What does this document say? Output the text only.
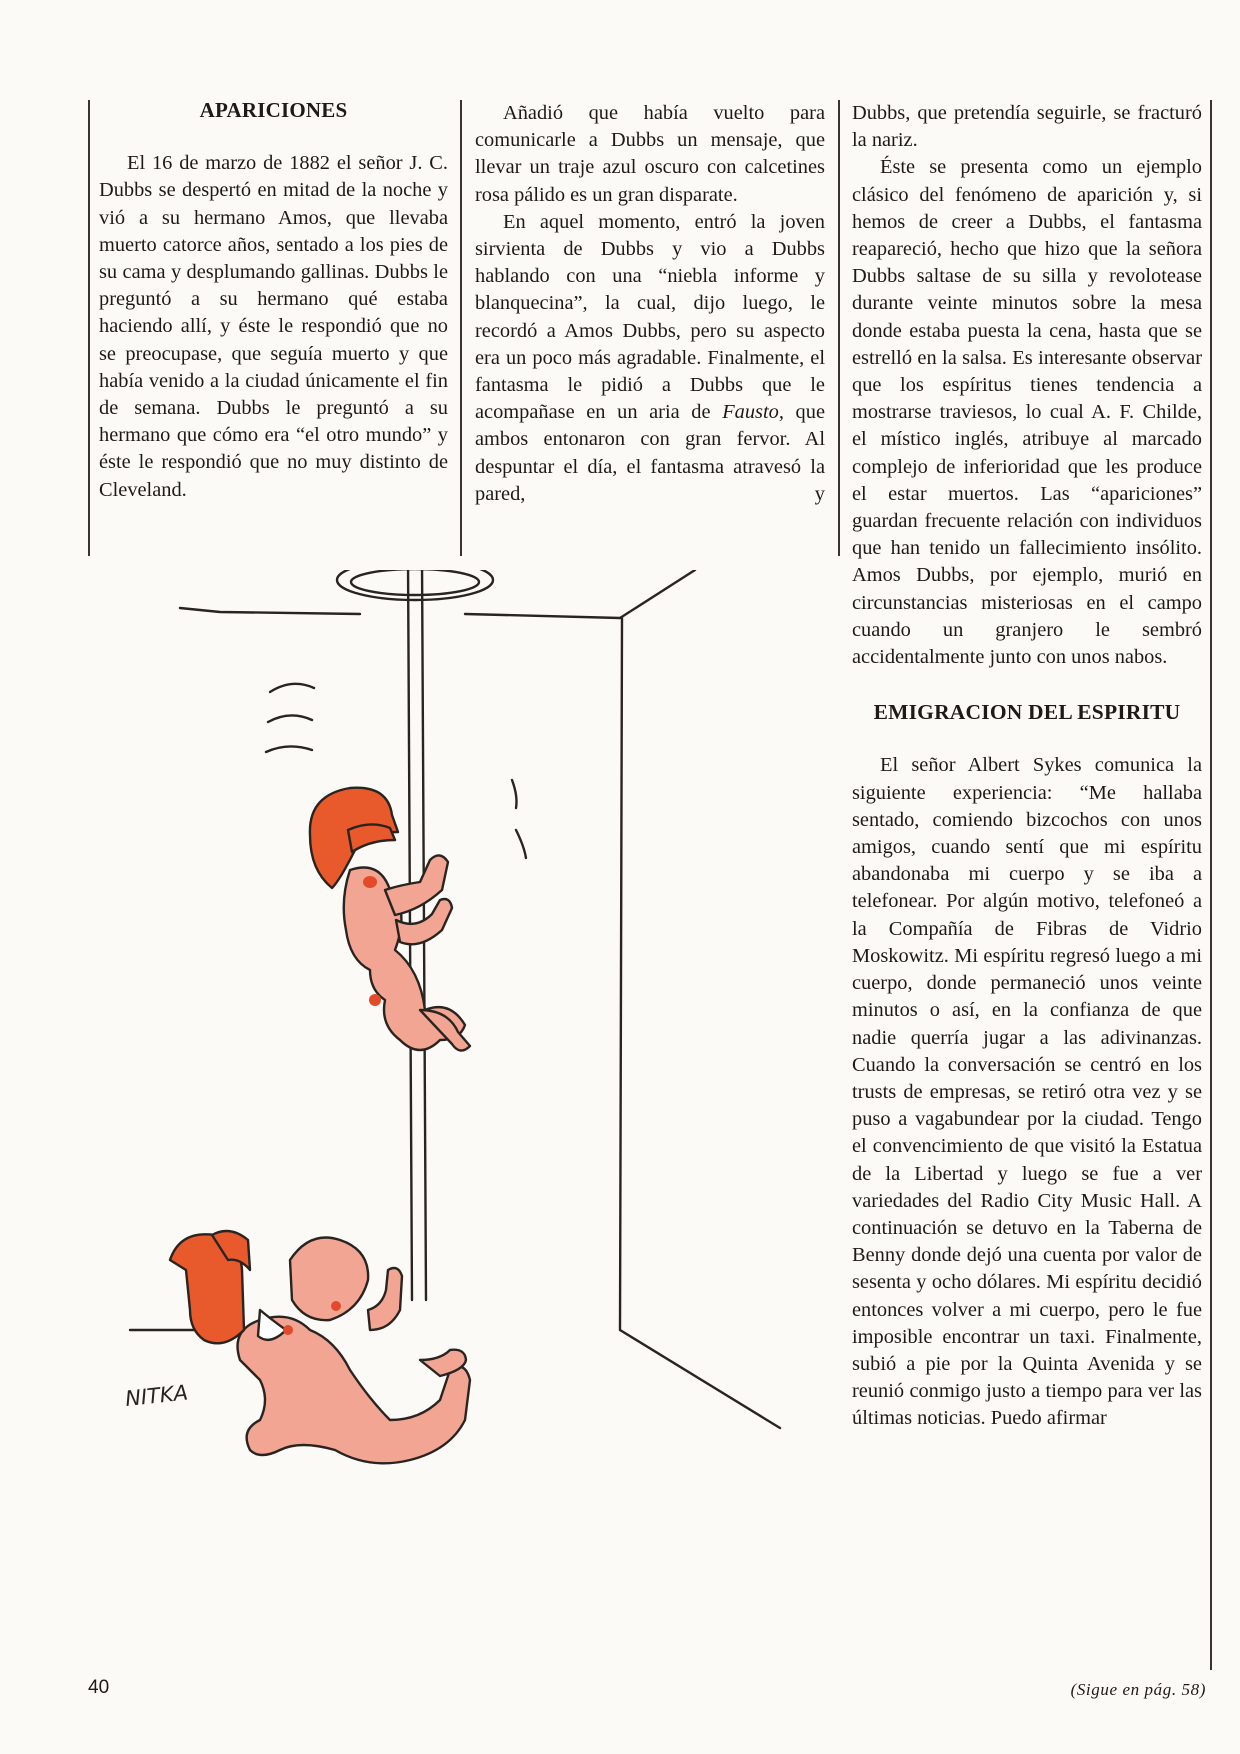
APARICIONES

El 16 de marzo de 1882 el señor J. C. Dubbs se despertó en mitad de la noche y vió a su hermano Amos, que llevaba muerto catorce años, sentado a los pies de su cama y desplumando gallinas. Dubbs le preguntó a su hermano qué estaba haciendo allí, y éste le respondió que no se preocupase, que seguía muerto y que había venido a la ciudad únicamente el fin de semana. Dubbs le preguntó a su hermano que cómo era “el otro mundo” y éste le respondió que no muy distinto de Cleveland.

Añadió que había vuelto para comunicarle a Dubbs un mensaje, que llevar un traje azul oscuro con calcetines rosa pálido es un gran disparate.

En aquel momento, entró la joven sirvienta de Dubbs y vio a Dubbs hablando con una “niebla informe y blanquecina”, la cual, dijo luego, le recordó a Amos Dubbs, pero su aspecto era un poco más agradable. Finalmente, el fantasma le pidió a Dubbs que le acompañase en un aria de Fausto, que ambos entonaron con gran fervor. Al despuntar el día, el fantasma atravesó la pared, y

Dubbs, que pretendía seguirle, se fracturó la nariz.

Éste se presenta como un ejemplo clásico del fenómeno de aparición y, si hemos de creer a Dubbs, el fantasma reapareció, hecho que hizo que la señora Dubbs saltase de su silla y revolotease durante veinte minutos sobre la mesa donde estaba puesta la cena, hasta que se estrelló en la salsa. Es interesante observar que los espíritus tienes tendencia a mostrarse traviesos, lo cual A. F. Childe, el místico inglés, atribuye al marcado complejo de inferioridad que les produce el estar muertos. Las “apariciones” guardan frecuente relación con individuos que han tenido un fallecimiento insólito. Amos Dubbs, por ejemplo, murió en circunstancias misteriosas en el campo cuando un granjero le sembró accidentalmente junto con unos nabos.

EMIGRACION DEL ESPIRITU

El señor Albert Sykes comunica la siguiente experiencia: “Me hallaba sentado, comiendo bizcochos con unos amigos, cuando sentí que mi espíritu abandonaba mi cuerpo y se iba a telefonear. Por algún motivo, telefoneó a la Compañía de Fibras de Vidrio Moskowitz. Mi espíritu regresó luego a mi cuerpo, donde permaneció unos veinte minutos o así, en la confianza de que nadie querría jugar a las adivinanzas. Cuando la conversación se centró en los trusts de empresas, se retiró otra vez y se puso a vagabundear por la ciudad. Tengo el convencimiento de que visitó la Estatua de la Libertad y luego se fue a ver variedades del Radio City Music Hall. A continuación se detuvo en la Taberna de Benny donde dejó una cuenta por valor de sesenta y ocho dólares. Mi espíritu decidió entonces volver a mi cuerpo, pero le fue imposible encontrar un taxi. Finalmente, subió a pie por la Quinta Avenida y se reunió conmigo justo a tiempo para ver las últimas noticias. Puedo afirmar

NITKA
40	(Sigue en pág. 58)
